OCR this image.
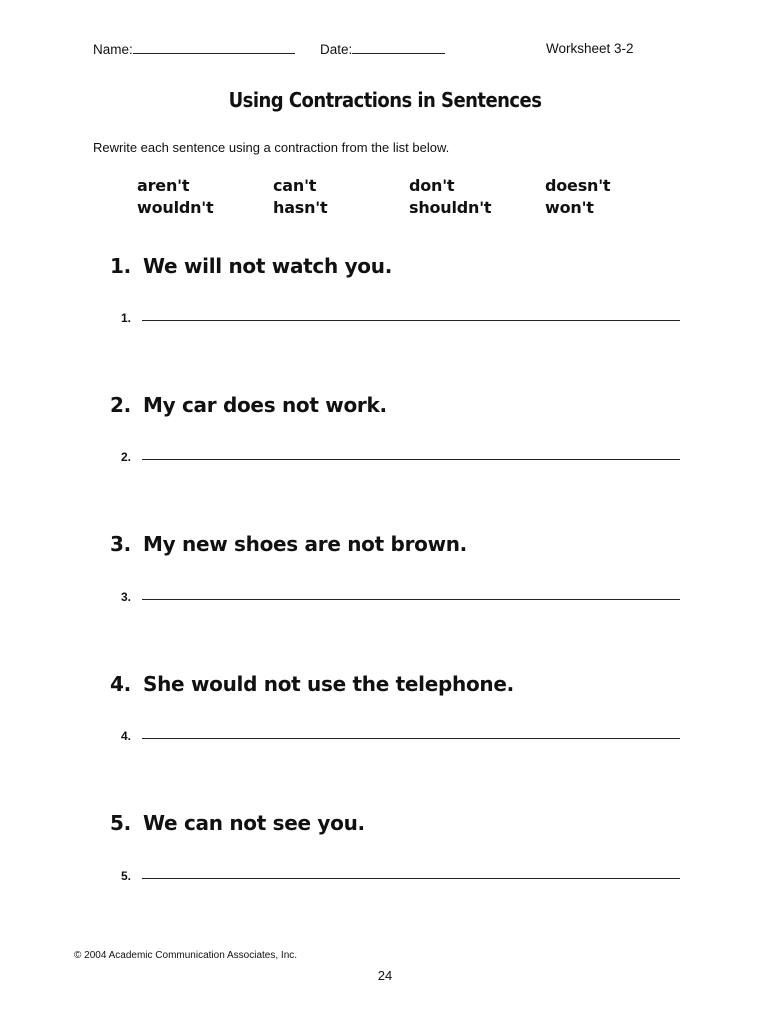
Name:	Date:	Worksheet 3-2
Using Contractions in Sentences
Rewrite each sentence using a contraction from the list below.
aren't	can't	don't	doesn't
wouldn't	hasn't	shouldn't	won't
1. We will not watch you.
1.
2. My car does not work.
2.
3. My new shoes are not brown.
3.
4. She would not use the telephone.
4.
5. We can not see you.
5.
© 2004 Academic Communication Associates, Inc.
24
